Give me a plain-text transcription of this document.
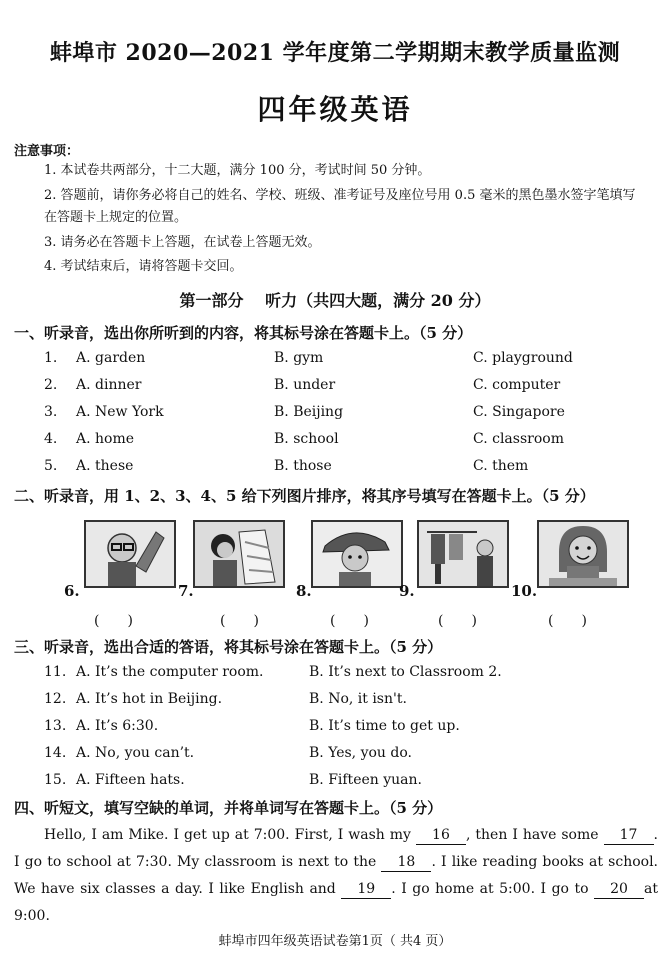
蚌埠市 2020—2021 学年度第二学期期末教学质量监测
四年级英语
注意事项：
1. 本试卷共两部分，十二大题，满分 100 分，考试时间 50 分钟。
2. 答题前，请你务必将自己的姓名、学校、班级、准考证号及座位号用 0.5 毫米的黑色墨水签字笔填写在答题卡上规定的位置。
3. 请务必在答题卡上答题，在试卷上答题无效。
4. 考试结束后，请将答题卡交回。
第一部分　 听力（共四大题，满分 20 分）
一、听录音，选出你所听到的内容，将其标号涂在答题卡上。（5 分）
1. A. garden	B. gym	C. playground
2. A. dinner	B. under	C. computer
3. A. New York	B. Beijing	C. Singapore
4. A. home	B. school	C. classroom
5. A. these	B. those	C. them
二、听录音，用 1、2、3、4、5 给下列图片排序，将其序号填写在答题卡上。（5 分）
6.	7.	8.	9.	10.
(　　)	(　　)	(　　)	(　　)	(　　)
三、听录音，选出合适的答语，将其标号涂在答题卡上。（5 分）
11. A. It’s the computer room.	B. It’s next to Classroom 2.
12. A. It’s hot in Beijing.	B. No, it isn't.
13. A. It’s 6:30.	B. It’s time to get up.
14. A. No, you can’t.	B. Yes, you do.
15. A. Fifteen hats.	B. Fifteen yuan.
四、听短文，填写空缺的单词，并将单词写在答题卡上。（5 分）
Hello, I am Mike. I get up at 7:00. First, I wash my 16 , then I have some 17 . I go to school at 7:30. My classroom is next to the 18 . I like reading books at school. We have six classes a day. I like English and 19 . I go home at 5:00. I go to 20 at 9:00.
蚌埠市四年级英语试卷第1页（ 共4 页）
